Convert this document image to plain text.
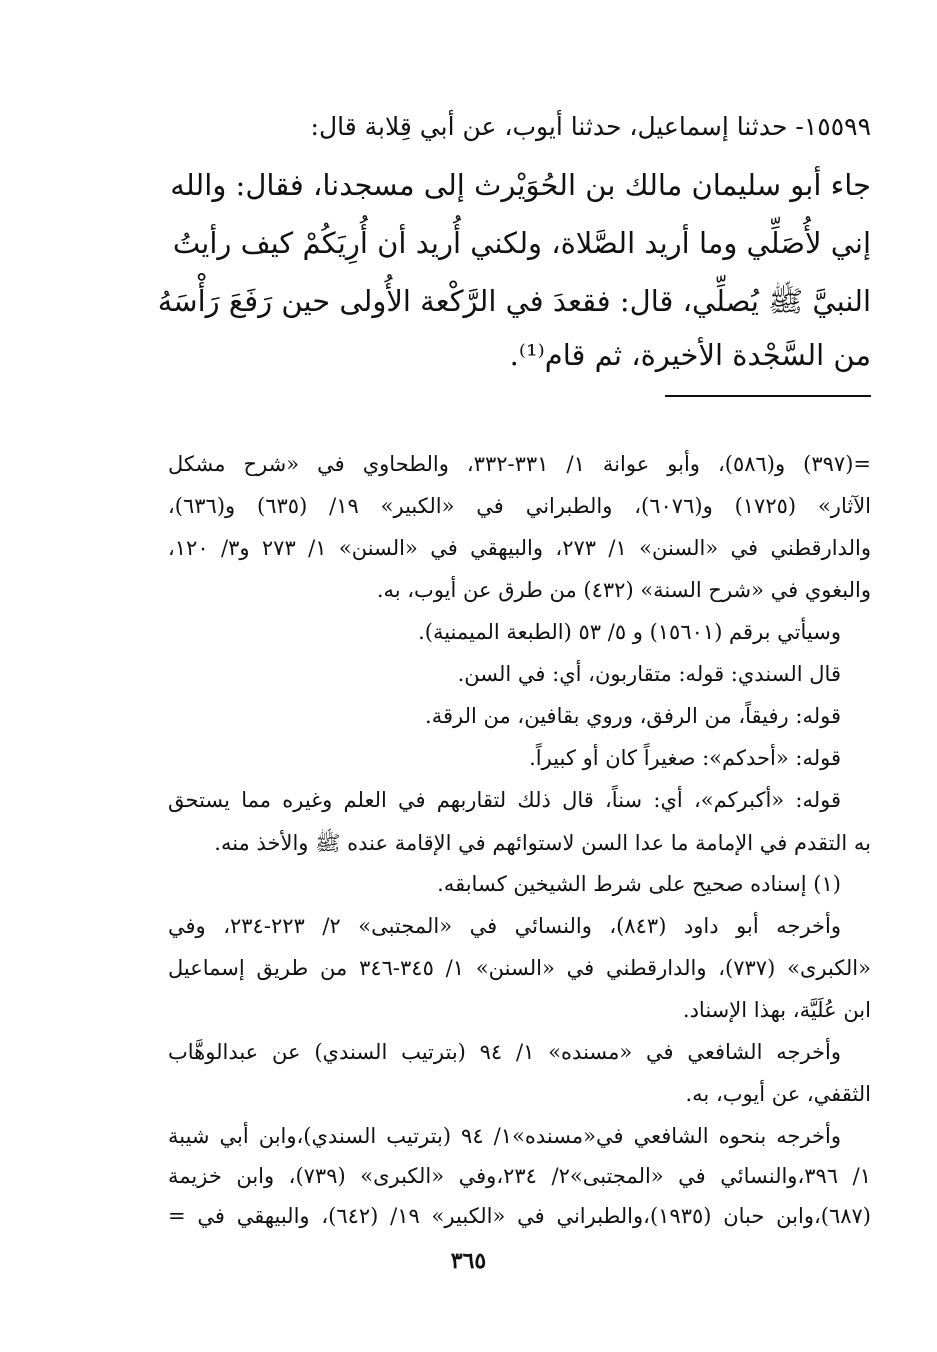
١٥٥٩٩- حدثنا إسماعيل، حدثنا أيوب، عن أبي قِلابة قال:
جاء أبو سليمان مالك بن الحُوَيْرث إلى مسجدنا، فقال: والله
إني لأُصَلِّي وما أريد الصَّلاة، ولكني أُريد أن أُرِيَكُمْ كيف رأيتُ
النبيَّ ﷺ يُصلِّي، قال: فقعدَ في الرَّكْعة الأُولى حين رَفَعَ رَأْسَهُ
من السَّجْدة الأخيرة، ثم قام⁽¹⁾.
=(٣٩٧) و(٥٨٦)، وأبو عوانة ١/ ٣٣١-٣٣٢، والطحاوي في «شرح مشكل
الآثار» (١٧٢٥) و(٦٠٧٦)، والطبراني في «الكبير» ١٩/ (٦٣٥) و(٦٣٦)،
والدارقطني في «السنن» ١/ ٢٧٣، والبيهقي في «السنن» ١/ ٢٧٣ و٣/ ١٢٠،
والبغوي في «شرح السنة» (٤٣٢) من طرق عن أيوب، به.
وسيأتي برقم (١٥٦٠١) و ٥/ ٥٣ (الطبعة الميمنية).
قال السندي: قوله: متقاربون، أي: في السن.
قوله: رفيقاً، من الرفق، وروي بقافين، من الرقة.
قوله: «أحدكم»: صغيراً كان أو كبيراً.
قوله: «أكبركم»، أي: سناً، قال ذلك لتقاربهم في العلم وغيره مما يستحق
به التقدم في الإمامة ما عدا السن لاستوائهم في الإقامة عنده ﷺ والأخذ منه.
(١) إسناده صحيح على شرط الشيخين كسابقه.
وأخرجه أبو داود (٨٤٣)، والنسائي في «المجتبى» ٢/ ٢٢٣-٢٣٤، وفي
«الكبرى» (٧٣٧)، والدارقطني في «السنن» ١/ ٣٤٥-٣٤٦ من طريق إسماعيل
ابن عُلَيَّة، بهذا الإسناد.
وأخرجه الشافعي في «مسنده» ١/ ٩٤ (بترتيب السندي) عن عبدالوهَّاب
الثقفي، عن أيوب، به.
وأخرجه بنحوه الشافعي في«مسنده»١/ ٩٤ (بترتيب السندي)،وابن أبي شيبة
١/ ٣٩٦،والنسائي في «المجتبى»٢/ ٢٣٤،وفي «الكبرى» (٧٣٩)، وابن خزيمة
(٦٨٧)،وابن حبان (١٩٣٥)،والطبراني في «الكبير» ١٩/ (٦٤٢)، والبيهقي في =
٣٦٥
